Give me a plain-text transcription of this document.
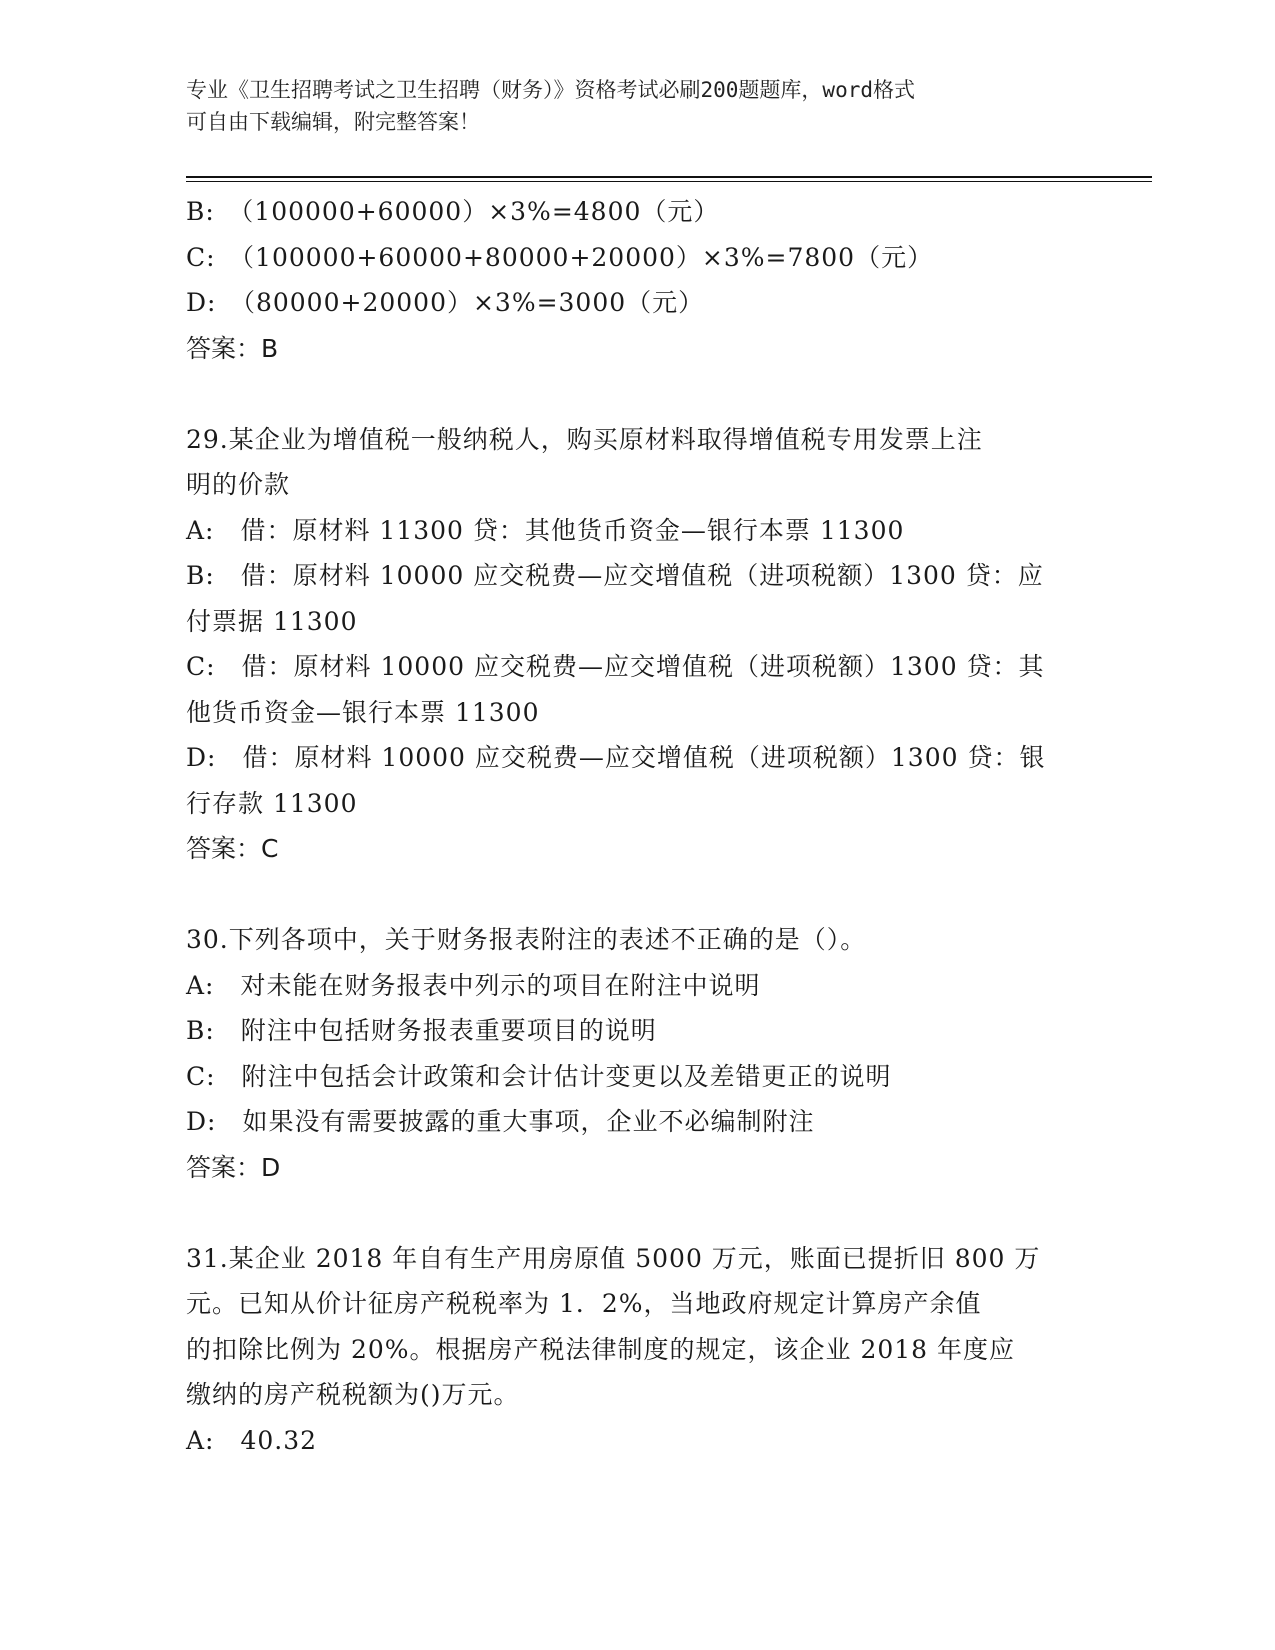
专业《卫生招聘考试之卫生招聘（财务）》资格考试必刷200题题库，word格式
可自由下载编辑，附完整答案！
B:　（100000+60000）×3%=4800（元）
C:　（100000+60000+80000+20000）×3%=7800（元）
D:　（80000+20000）×3%=3000（元）
答案：B
29.某企业为增值税一般纳税人，购买原材料取得增值税专用发票上注
明的价款
A:　借：原材料 11300 贷：其他货币资金—银行本票 11300
B:　借：原材料 10000 应交税费—应交增值税（进项税额）1300 贷：应
付票据 11300
C:　借：原材料 10000 应交税费—应交增值税（进项税额）1300 贷：其
他货币资金—银行本票 11300
D:　借：原材料 10000 应交税费—应交增值税（进项税额）1300 贷：银
行存款 11300
答案：C
30.下列各项中，关于财务报表附注的表述不正确的是（）。
A:　对未能在财务报表中列示的项目在附注中说明
B:　附注中包括财务报表重要项目的说明
C:　附注中包括会计政策和会计估计变更以及差错更正的说明
D:　如果没有需要披露的重大事项，企业不必编制附注
答案：D
31.某企业 2018 年自有生产用房原值 5000 万元，账面已提折旧 800 万
元。已知从价计征房产税税率为 1．2%，当地政府规定计算房产余值
的扣除比例为 20%。根据房产税法律制度的规定，该企业 2018 年度应
缴纳的房产税税额为()万元。
A:　40.32
